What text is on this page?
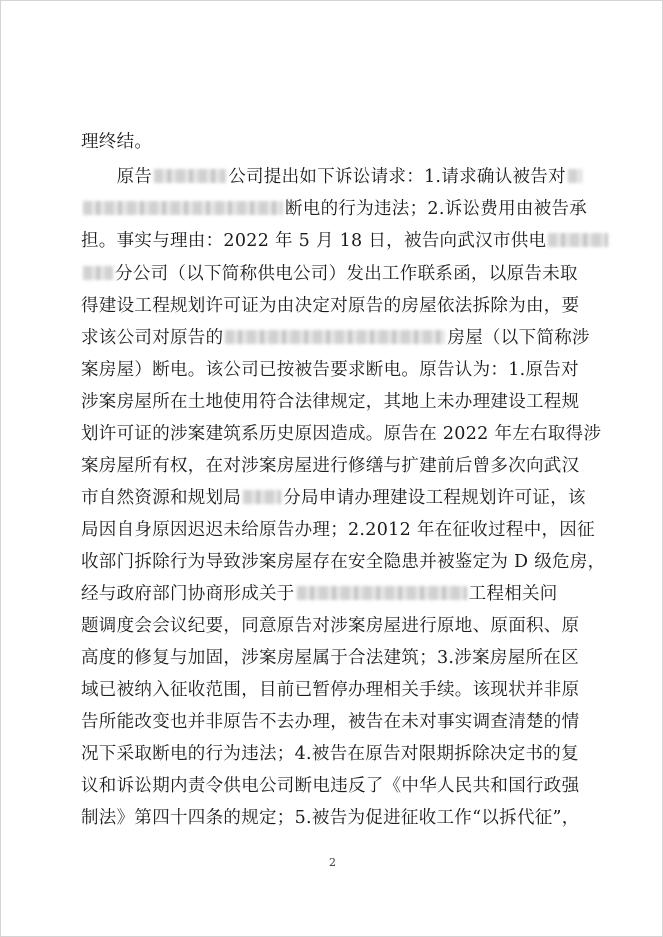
理终结。
　　原告	公司提出如下诉讼请求：1.请求确认被告对
断电的行为违法；2.诉讼费用由被告承
担。事实与理由：2022 年 5 月 18 日，被告向武汉市供电
分公司（以下简称供电公司）发出工作联系函，以原告未取
得建设工程规划许可证为由决定对原告的房屋依法拆除为由，要
求该公司对原告的	房屋（以下简称涉
案房屋）断电。该公司已按被告要求断电。原告认为：1.原告对
涉案房屋所在土地使用符合法律规定，其地上未办理建设工程规
划许可证的涉案建筑系历史原因造成。原告在 2022 年左右取得涉
案房屋所有权，在对涉案房屋进行修缮与扩建前后曾多次向武汉
市自然资源和规划局 分局申请办理建设工程规划许可证，该
局因自身原因迟迟未给原告办理；2.2012 年在征收过程中，因征
收部门拆除行为导致涉案房屋存在安全隐患并被鉴定为 D 级危房，
经与政府部门协商形成关于	工程相关问
题调度会会议纪要，同意原告对涉案房屋进行原地、原面积、原
高度的修复与加固，涉案房屋属于合法建筑；3.涉案房屋所在区
域已被纳入征收范围，目前已暂停办理相关手续。该现状并非原
告所能改变也并非原告不去办理，被告在未对事实调查清楚的情
况下采取断电的行为违法；4.被告在原告对限期拆除决定书的复
议和诉讼期内责令供电公司断电违反了《中华人民共和国行政强
制法》第四十四条的规定；5.被告为促进征收工作“以拆代征”，
2
